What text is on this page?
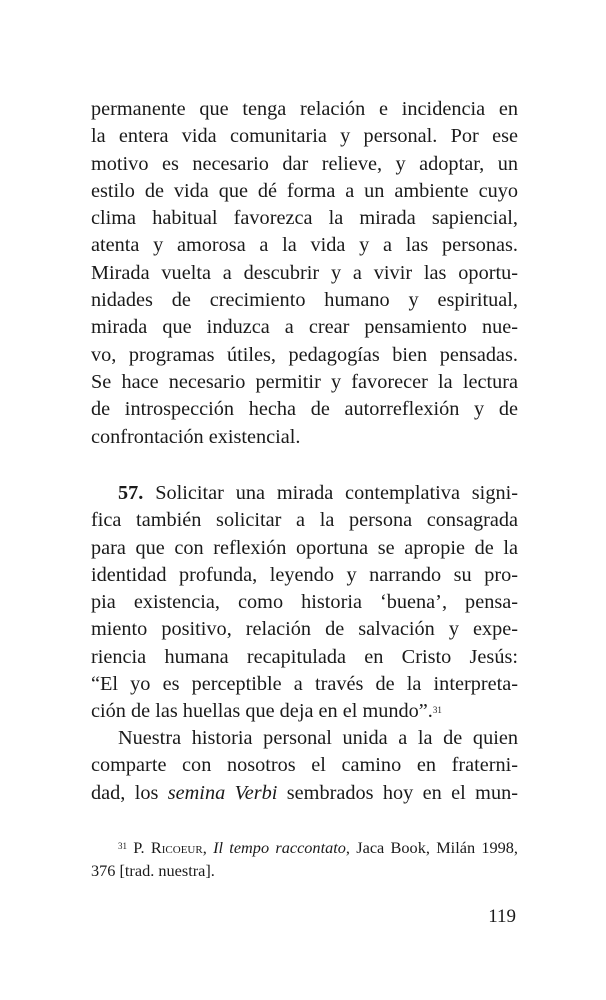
permanente que tenga relación e incidencia en
la entera vida comunitaria y personal. Por ese
motivo es necesario dar relieve, y adoptar, un
estilo de vida que dé forma a un ambiente cuyo
clima habitual favorezca la mirada sapiencial,
atenta y amorosa a la vida y a las personas.
Mirada vuelta a descubrir y a vivir las oportu-
nidades de crecimiento humano y espiritual,
mirada que induzca a crear pensamiento nue-
vo, programas útiles, pedagogías bien pensadas.
Se hace necesario permitir y favorecer la lectura
de introspección hecha de autorreflexión y de
confrontación existencial.
57. Solicitar una mirada contemplativa signi-
fica también solicitar a la persona consagrada
para que con reflexión oportuna se apropie de la
identidad profunda, leyendo y narrando su pro-
pia existencia, como historia ‘buena’, pensa-
miento positivo, relación de salvación y expe-
riencia humana recapitulada en Cristo Jesús:
“El yo es perceptible a través de la interpreta-
ción de las huellas que deja en el mundo”.$^{31}$
Nuestra historia personal unida a la de quien
comparte con nosotros el camino en fraterni-
dad, los semina Verbi sembrados hoy en el mun-
$^{31}$ P. Ricoeur, Il tempo raccontato, Jaca Book, Milán 1998,
376 [trad. nuestra].
119
